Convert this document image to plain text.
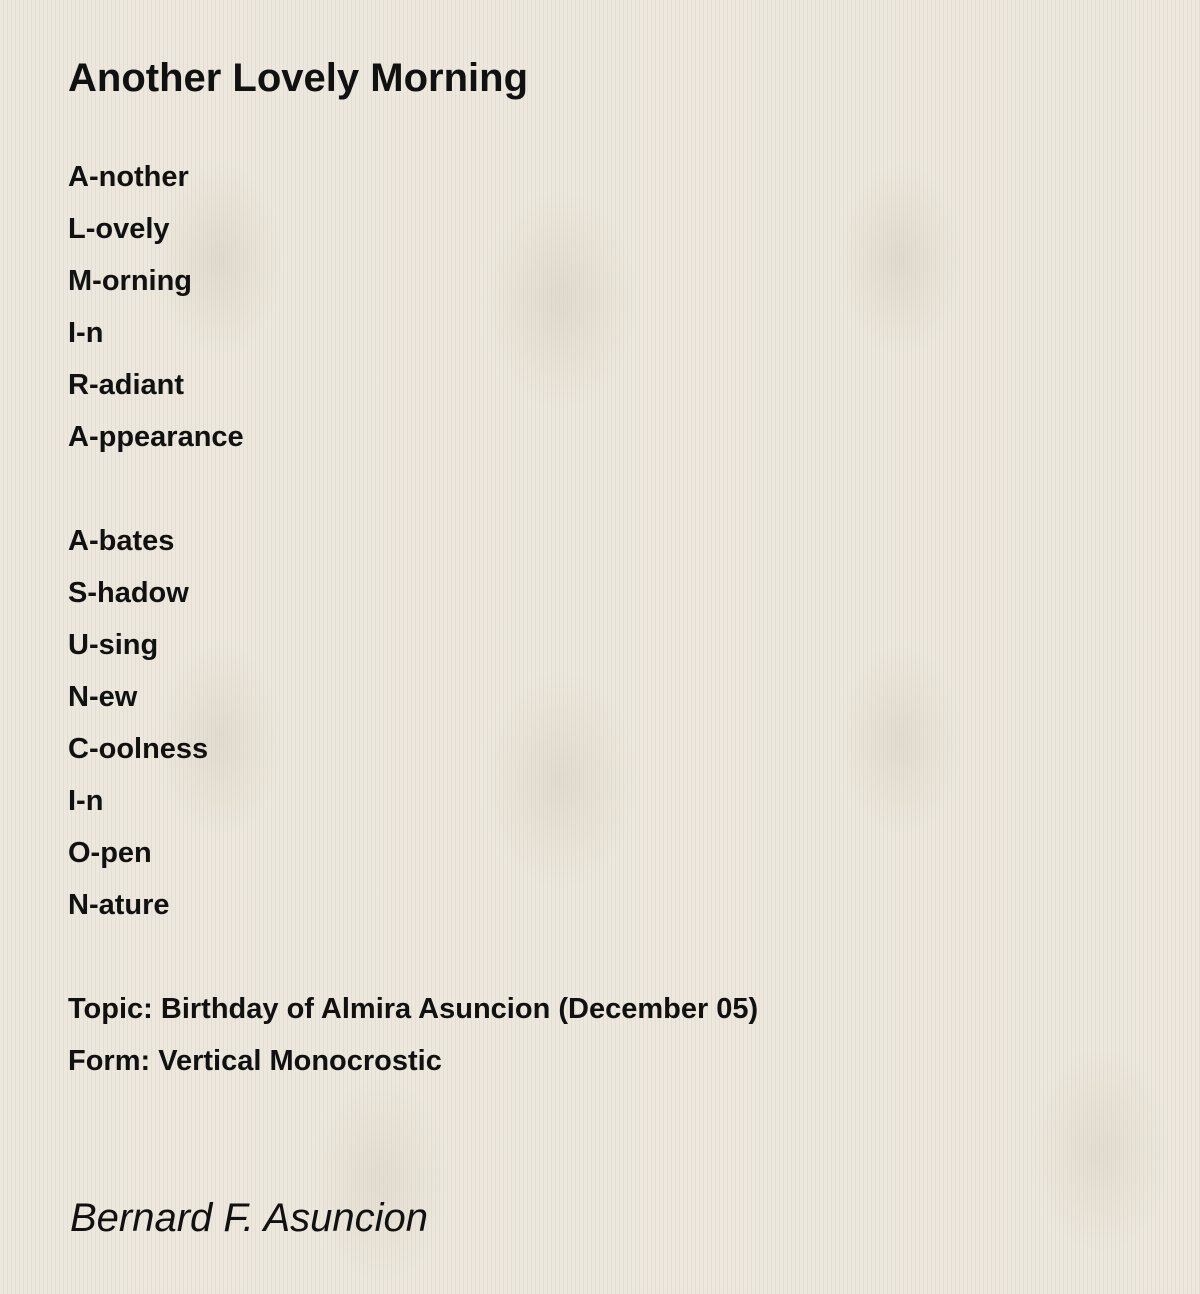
Another Lovely Morning
A-nother
L-ovely
M-orning
I-n
R-adiant
A-ppearance
A-bates
S-hadow
U-sing
N-ew
C-oolness
I-n
O-pen
N-ature
Topic: Birthday of Almira Asuncion (December 05)
Form: Vertical Monocrostic
Bernard F. Asuncion
